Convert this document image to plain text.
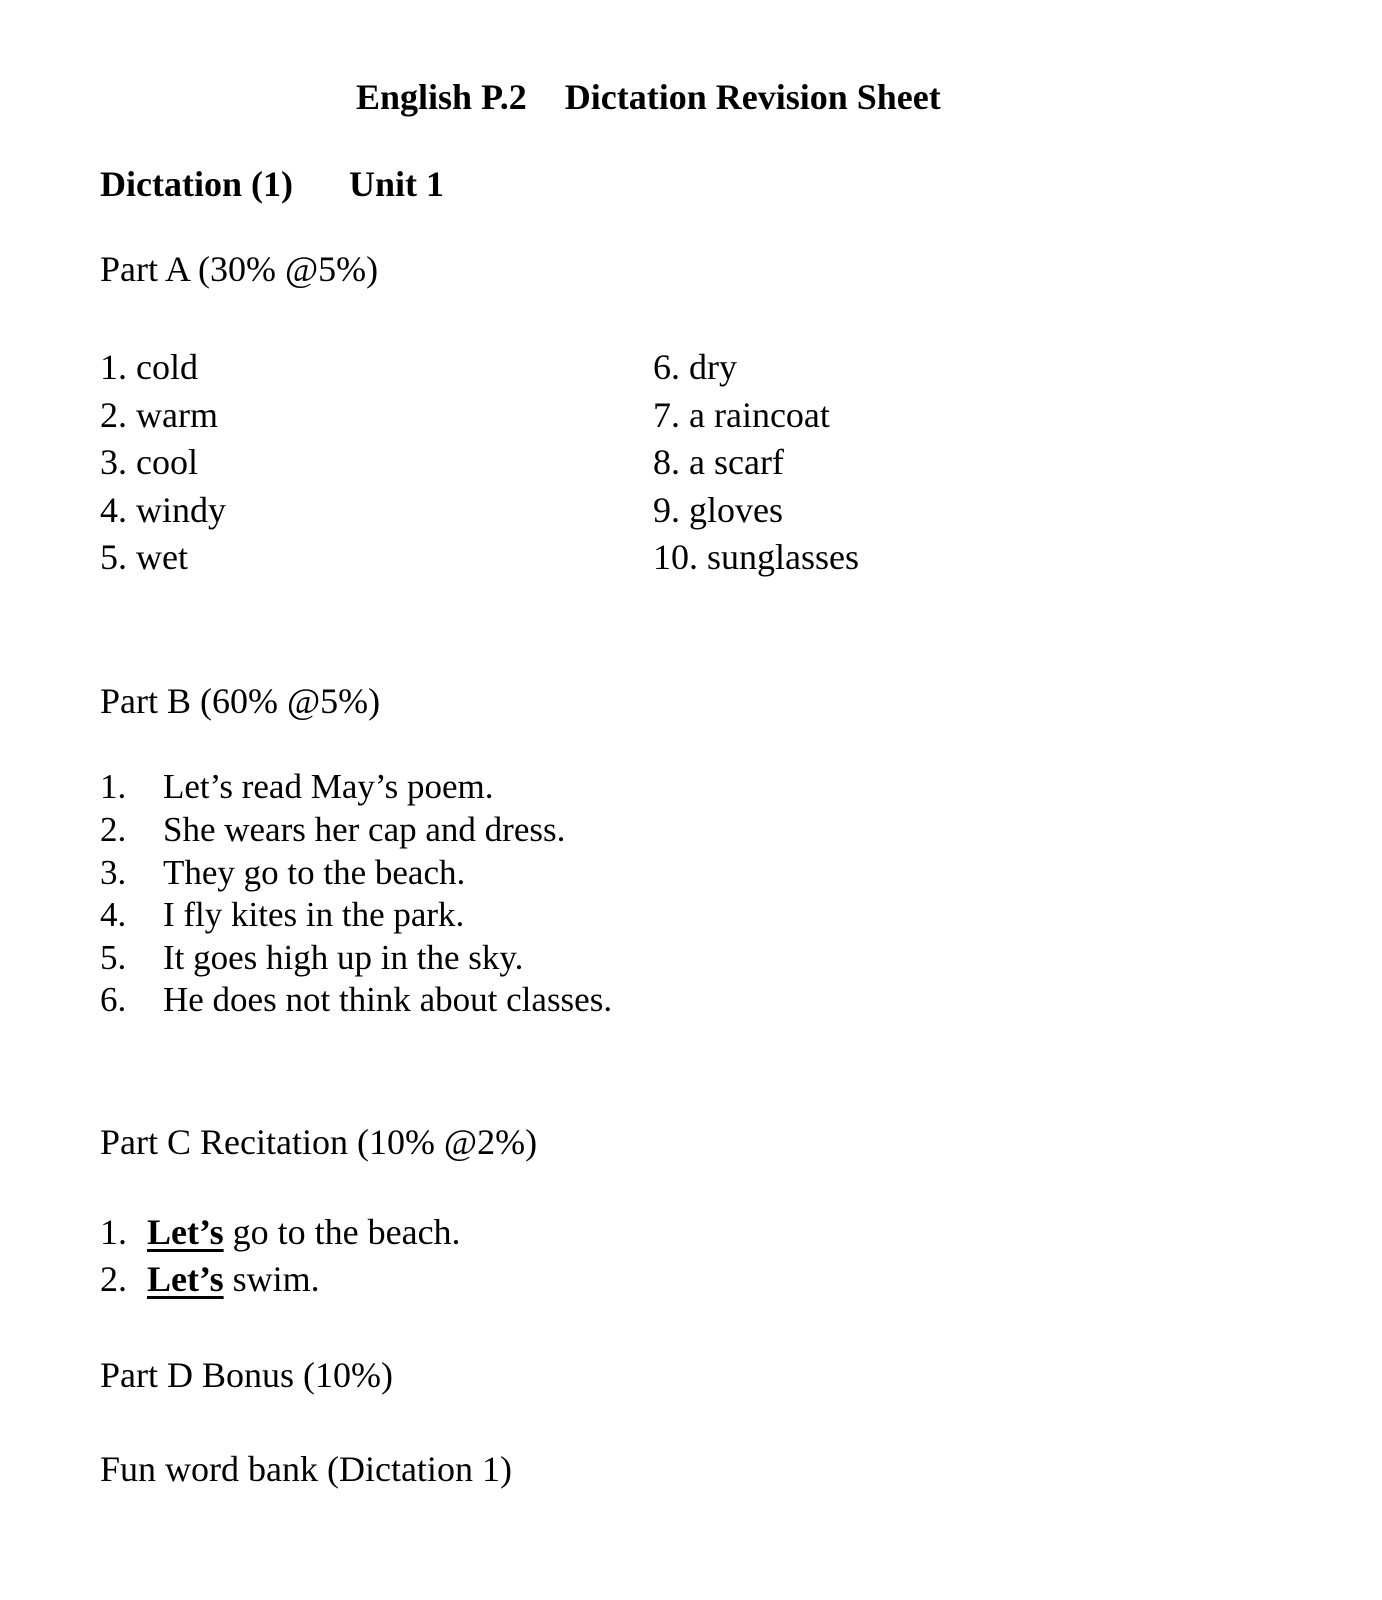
English P.2 Dictation Revision Sheet
Dictation (1) Unit 1
Part A (30% @5%)
1. cold
2. warm
3. cool
4. windy
5. wet
6. dry
7. a raincoat
8. a scarf
9. gloves
10. sunglasses
Part B (60% @5%)
1. Let’s read May’s poem.
2. She wears her cap and dress.
3. They go to the beach.
4. I fly kites in the park.
5. It goes high up in the sky.
6. He does not think about classes.
Part C Recitation (10% @2%)
1. Let’s go to the beach.
2. Let’s swim.
Part D Bonus (10%)
Fun word bank (Dictation 1)
